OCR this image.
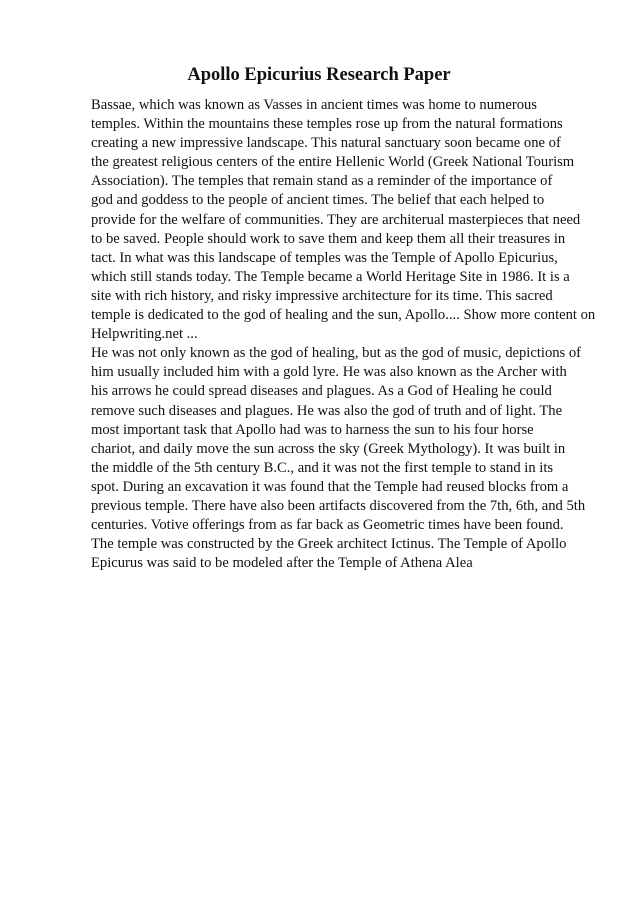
Apollo Epicurius Research Paper
Bassae, which was known as Vasses in ancient times was home to numerous
temples. Within the mountains these temples rose up from the natural formations
creating a new impressive landscape. This natural sanctuary soon became one of
the greatest religious centers of the entire Hellenic World (Greek National Tourism
Association). The temples that remain stand as a reminder of the importance of
god and goddess to the people of ancient times. The belief that each helped to
provide for the welfare of communities. They are architerual masterpieces that need
to be saved. People should work to save them and keep them all their treasures in
tact. In what was this landscape of temples was the Temple of Apollo Epicurius,
which still stands today. The Temple became a World Heritage Site in 1986. It is a
site with rich history, and risky impressive architecture for its time. This sacred
temple is dedicated to the god of healing and the sun, Apollo.... Show more content on
Helpwriting.net ...
He was not only known as the god of healing, but as the god of music, depictions of
him usually included him with a gold lyre. He was also known as the Archer with
his arrows he could spread diseases and plagues. As a God of Healing he could
remove such diseases and plagues. He was also the god of truth and of light. The
most important task that Apollo had was to harness the sun to his four horse
chariot, and daily move the sun across the sky (Greek Mythology). It was built in
the middle of the 5th century B.C., and it was not the first temple to stand in its
spot. During an excavation it was found that the Temple had reused blocks from a
previous temple. There have also been artifacts discovered from the 7th, 6th, and 5th
centuries. Votive offerings from as far back as Geometric times have been found.
The temple was constructed by the Greek architect Ictinus. The Temple of Apollo
Epicurus was said to be modeled after the Temple of Athena Alea
